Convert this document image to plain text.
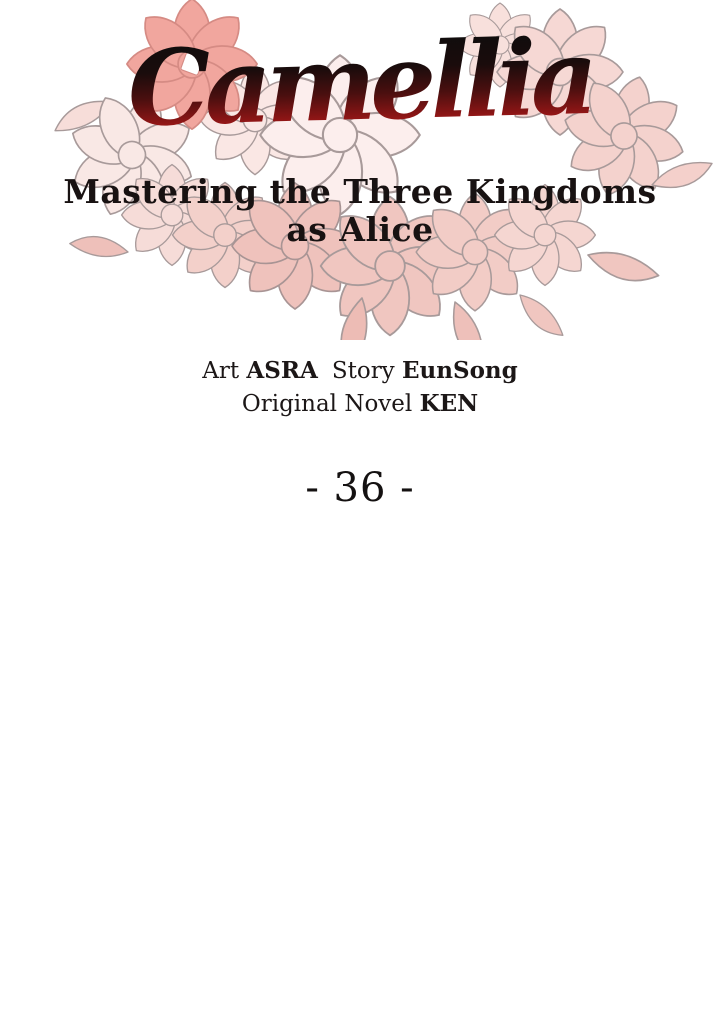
Camellia
Mastering the Three Kingdoms
as Alice
Art ASRA Story EunSong
Original Novel KEN
- 36 -
